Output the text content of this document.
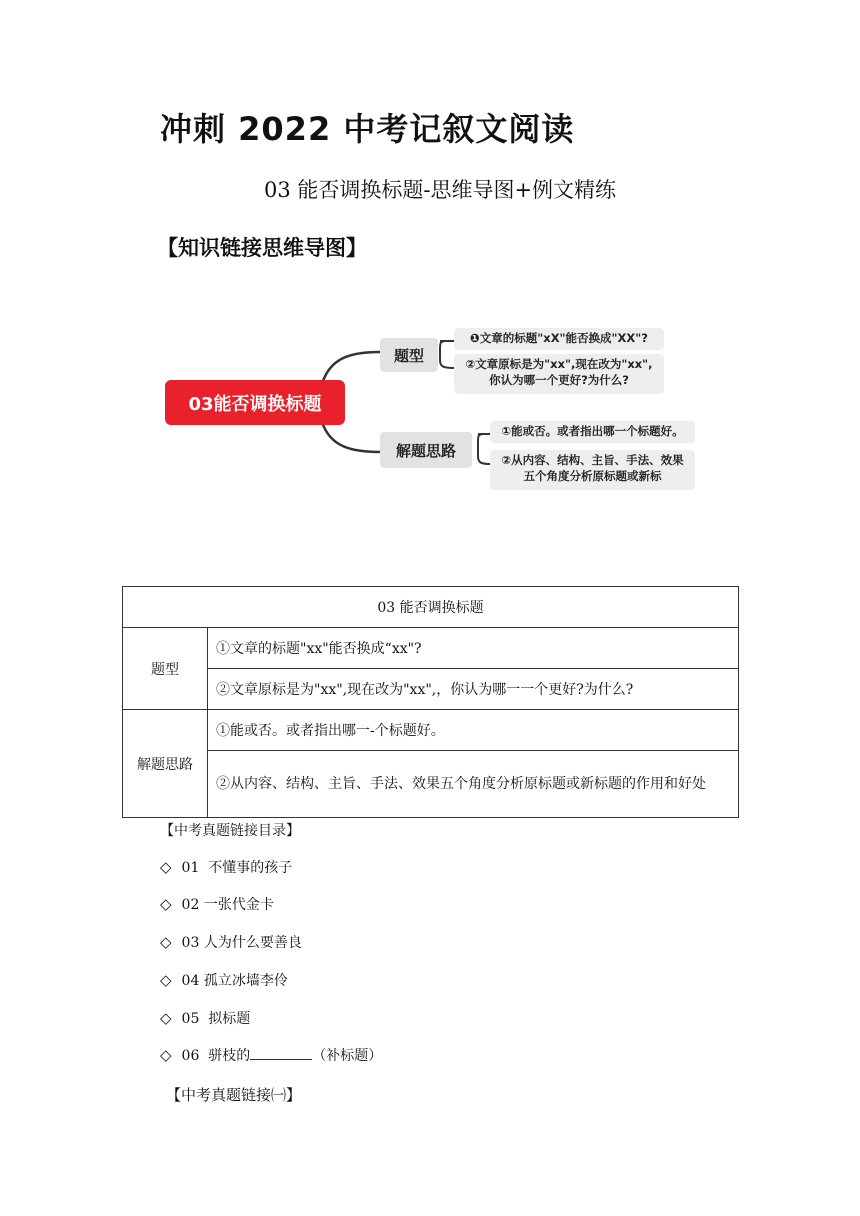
冲刺 2022 中考记叙文阅读
03 能否调换标题-思维导图+例文精练
【知识链接思维导图】
03能否调换标题
题型
解题思路
❶文章的标题"xX"能否换成"XX"?
②文章原标是为"xx",现在改为"xx",
你认为哪一个更好?为什么?
①能或否。或者指出哪一个标题好。
②从内容、结构、主旨、手法、效果
五个角度分析原标题或新标
03 能否调换标题	
题型	①文章的标题"xx"能否换成“xx"?
	②文章原标是为"xx",现在改为"xx",，你认为哪一一个更好?为什么?
解题思路	①能或否。或者指出哪一-个标题好。
	②从内容、结构、主旨、手法、效果五个角度分析原标题或新标题的作用和好处
【中考真题链接目录】
◇ 01 不懂事的孩子
◇ 02 一张代金卡
◇ 03 人为什么要善良
◇ 04 孤立冰墙李伶
◇ 05 拟标题
◇ 06 骈枝的	（补标题）
【中考真题链接㈠】
